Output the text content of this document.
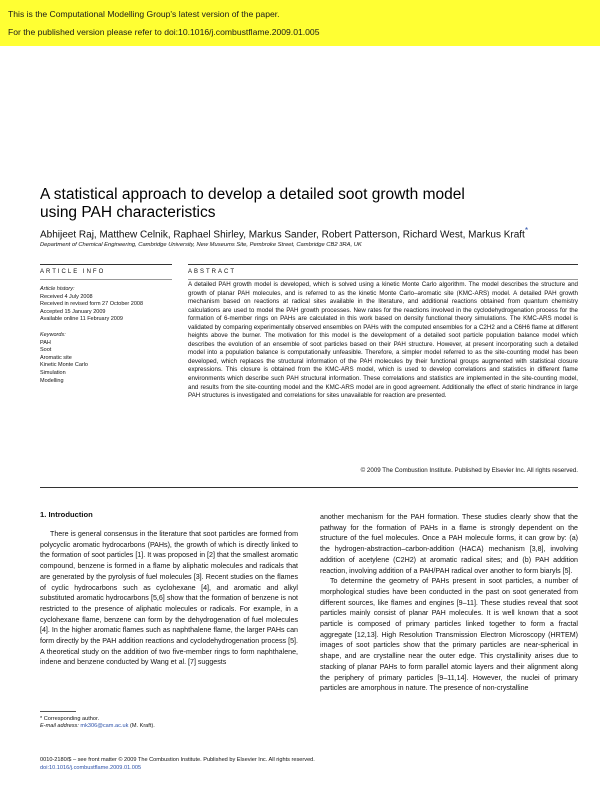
This is the Computational Modelling Group's latest version of the paper.
For the published version please refer to doi:10.1016/j.combustflame.2009.01.005
A statistical approach to develop a detailed soot growth model using PAH characteristics
Abhijeet Raj, Matthew Celnik, Raphael Shirley, Markus Sander, Robert Patterson, Richard West, Markus Kraft*
Department of Chemical Engineering, Cambridge University, New Museums Site, Pembroke Street, Cambridge CB2 3RA, UK
ARTICLE INFO	ABSTRACT
Article history:
Received 4 July 2008
Received in revised form 27 October 2008
Accepted 15 January 2009
Available online 11 February 2009
Keywords:
PAH
Soot
Aromatic site
Kinetic Monte Carlo
Simulation
Modelling
A detailed PAH growth model is developed, which is solved using a kinetic Monte Carlo algorithm. The model describes the structure and growth of planar PAH molecules, and is referred to as the kinetic Monte Carlo–aromatic site (KMC-ARS) model. A detailed PAH growth mechanism based on reactions at radical sites available in the literature, and additional reactions obtained from quantum chemistry calculations are used to model the PAH growth processes. New rates for the reactions involved in the cyclodehydrogenation process for the formation of 6-member rings on PAHs are calculated in this work based on density functional theory simulations. The KMC-ARS model is validated by comparing experimentally observed ensembles on PAHs with the computed ensembles for a C2H2 and a C6H6 flame at different heights above the burner. The motivation for this model is the development of a detailed soot particle population balance model which describes the evolution of an ensemble of soot particles based on their PAH structure. However, at present incorporating such a detailed model into a population balance is computationally unfeasible. Therefore, a simpler model referred to as the site-counting model has been developed, which replaces the structural information of the PAH molecules by their functional groups augmented with statistical closure expressions. This closure is obtained from the KMC-ARS model, which is used to develop correlations and statistics in different flame environments which describe such PAH structural information. These correlations and statistics are implemented in the site-counting model, and results from the site-counting model and the KMC-ARS model are in good agreement. Additionally the effect of steric hindrance in large PAH structures is investigated and correlations for sites unavailable for reaction are presented.
© 2009 The Combustion Institute. Published by Elsevier Inc. All rights reserved.
1. Introduction

There is general consensus in the literature that soot particles are formed from polycyclic aromatic hydrocarbons (PAHs), the growth of which is directly linked to the formation of soot particles [1]. It was proposed in [2] that the smallest aromatic compound, benzene is formed in a flame by aliphatic molecules and radicals that are generated by the pyrolysis of fuel molecules [3]. Recent studies on the flames of cyclic hydrocarbons such as cyclohexane [4], and aromatic and alkyl substituted aromatic hydrocarbons [5,6] show that the formation of benzene is not restricted to the presence of aliphatic molecules or radicals. For example, in a cyclohexane flame, benzene can form by the dehydrogenation of fuel molecules [4]. In the higher aromatic flames such as naphthalene flame, the larger PAHs can form directly by the PAH addition reactions and cyclodehydrogenation process [5]. A theoretical study on the addition of two five-member rings to form naphthalene, indene and benzene conducted by Wang et al. [7] suggests

another mechanism for the PAH formation. These studies clearly show that the pathway for the formation of PAHs in a flame is strongly dependent on the structure of the fuel molecules. Once a PAH molecule forms, it can grow by: (a) the hydrogen-abstraction–carbon-addition (HACA) mechanism [3,8], involving addition of acetylene (C2H2) at aromatic radical sites; and (b) PAH addition reaction, involving addition of a PAH/PAH radical over another to form biaryls [5].

To determine the geometry of PAHs present in soot particles, a number of morphological studies have been conducted in the past on soot generated from different sources, like flames and engines [9–11]. These studies reveal that soot particles mainly consist of planar PAH molecules. It is well known that a soot particle is composed of primary particles linked together to form a fractal aggregate [12,13]. High Resolution Transmission Electron Microscopy (HRTEM) images of soot particles show that the primary particles are near-spherical in shape, and are crystalline near the outer edge. This crystallinity arises due to stacking of planar PAHs to form parallel atomic layers and their alignment along the periphery of primary particles [9–11,14]. However, the nuclei of primary particles are amorphous in nature. The presence of non-crystalline

* Corresponding author.
E-mail address: mk306@cam.ac.uk (M. Kraft).
0010-2180/$ – see front matter © 2009 The Combustion Institute. Published by Elsevier Inc. All rights reserved.
doi:10.1016/j.combustflame.2009.01.005
